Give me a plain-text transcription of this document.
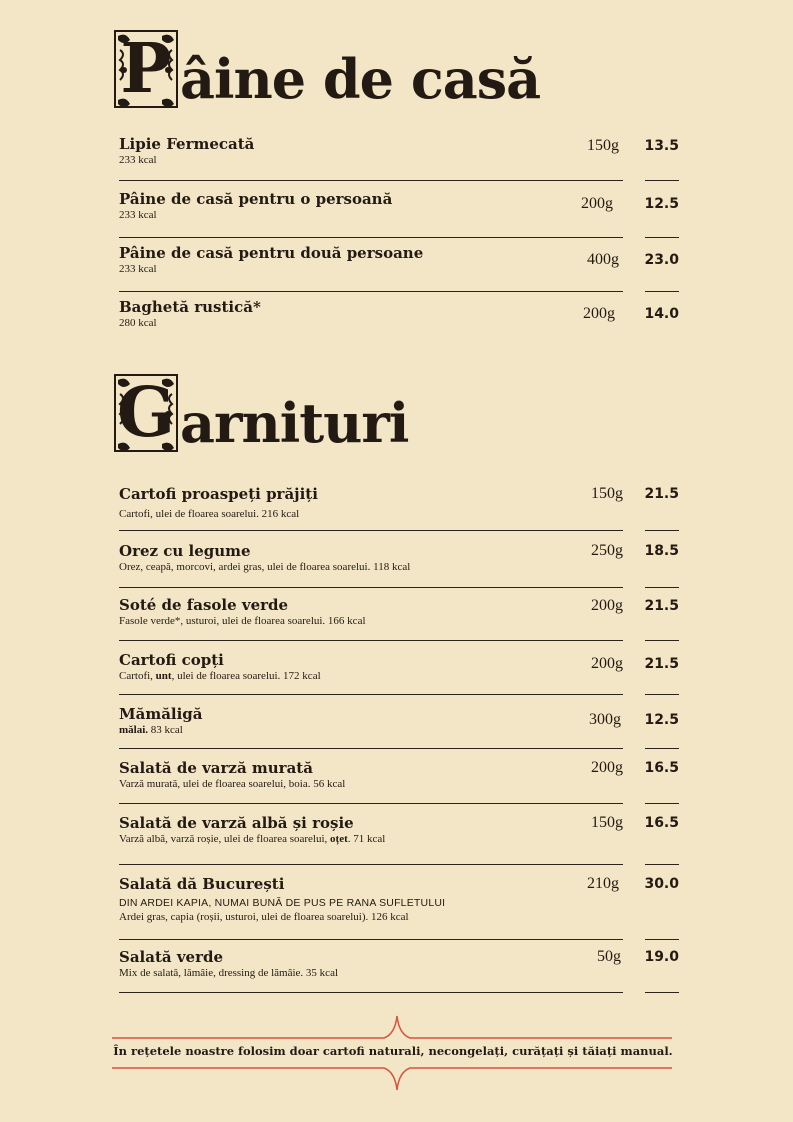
P âine de casă
Lipie Fermecată
233 kcal
150g 13.5
Pâine de casă pentru o persoană
233 kcal
200g 12.5
Pâine de casă pentru două persoane
233 kcal
400g 23.0
Baghetă rustică*
280 kcal
200g 14.0
G arnituri
Cartofi proaspeți prăjiți
Cartofi, ulei de floarea soarelui. 216 kcal
150g 21.5
Orez cu legume
Orez, ceapă, morcovi, ardei gras, ulei de floarea soarelui. 118 kcal
250g 18.5
Soté de fasole verde
Fasole verde*, usturoi, ulei de floarea soarelui. 166 kcal
200g 21.5
Cartofi copți
Cartofi, unt, ulei de floarea soarelui. 172 kcal
200g 21.5
Mămăligă
mălai. 83 kcal
300g 12.5
Salată de varză murată
Varză murată, ulei de floarea soarelui, boia. 56 kcal
200g 16.5
Salată de varză albă și roșie
Varză albă, varză roșie, ulei de floarea soarelui, oțet. 71 kcal
150g 16.5
Salată dă București
DIN ARDEI KAPIA, NUMAI BUNĂ DE PUS PE RANA SUFLETULUI
Ardei gras, capia (roșii, usturoi, ulei de floarea soarelui). 126 kcal
210g 30.0
Salată verde
Mix de salată, lămâie, dressing de lămâie. 35 kcal
50g 19.0
În rețetele noastre folosim doar cartofi naturali, necongelați, curățați și tăiați manual.
